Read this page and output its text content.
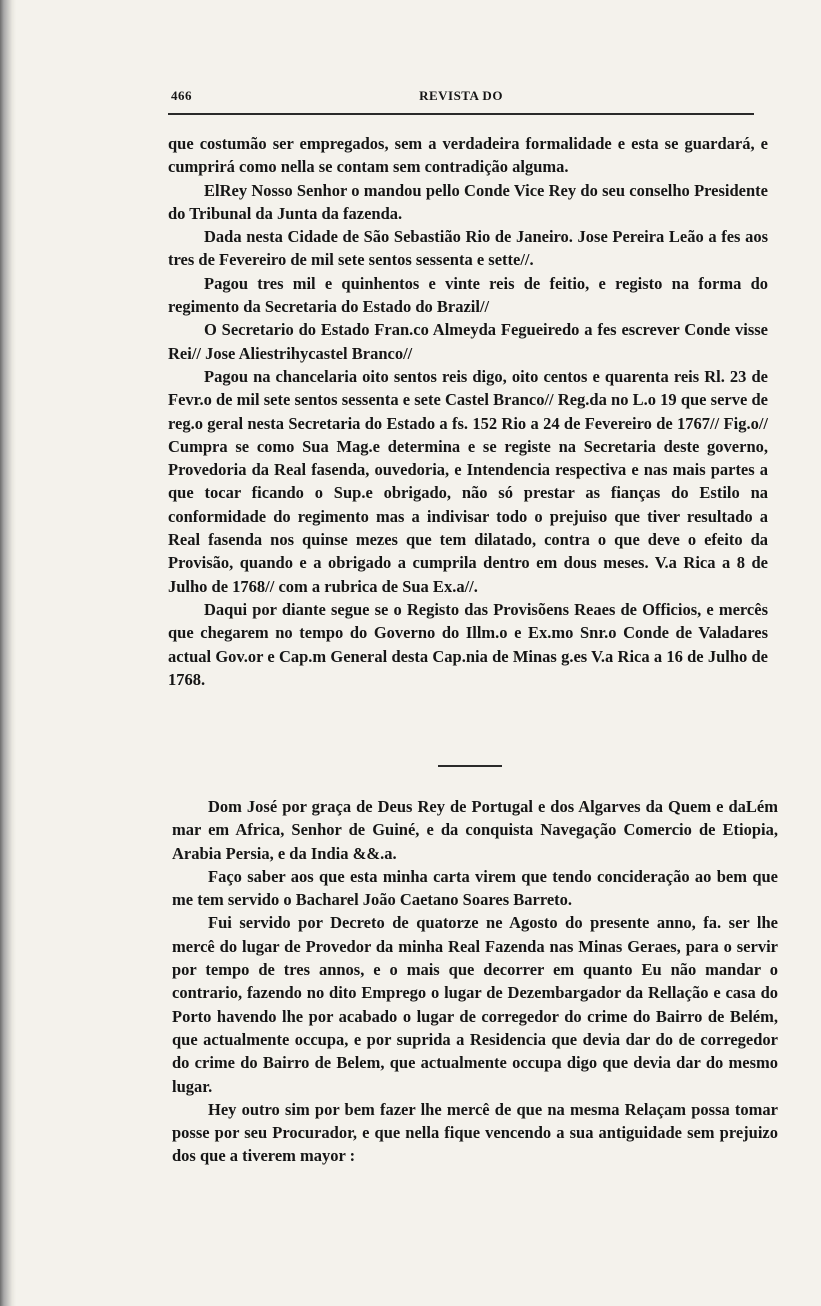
466	REVISTA DO

que costumão ser empregados, sem a verdadeira formalidade e esta se guardará, e cumprirá como nella se contam sem contradição alguma.

ElRey Nosso Senhor o mandou pello Conde Vice Rey do seu conselho Presidente do Tribunal da Junta da fazenda.

Dada nesta Cidade de São Sebastião Rio de Janeiro. Jose Pereira Leão a fes aos tres de Fevereiro de mil sete sentos sessenta e sette//.

Pagou tres mil e quinhentos e vinte reis de feitio, e registo na forma do regimento da Secretaria do Estado do Brazil//

O Secretario do Estado Fran.co Almeyda Fegueiredo a fes escrever Conde visse Rei// Jose Aliestrihycastel Branco//

Pagou na chancelaria oito sentos reis digo, oito centos e quarenta reis Rl. 23 de Fevr.o de mil sete sentos sessenta e sete Castel Branco// Reg.da no L.o 19 que serve de reg.o geral nesta Secretaria do Estado a fs. 152 Rio a 24 de Fevereiro de 1767// Fig.o// Cumpra se como Sua Mag.e determina e se registe na Secretaria deste governo, Provedoria da Real fasenda, ouvedoria, e Intendencia respectiva e nas mais partes a que tocar ficando o Sup.e obrigado, não só prestar as fianças do Estilo na conformidade do regimento mas a indivisar todo o prejuiso que tiver resultado a Real fasenda nos quinse mezes que tem dilatado, contra o que deve o efeito da Provisão, quando e a obrigado a cumprila dentro em dous meses. V.a Rica a 8 de Julho de 1768// com a rubrica de Sua Ex.a//.

Daqui por diante segue se o Registo das Provisõens Reaes de Officios, e mercês que chegarem no tempo do Governo do Illm.o e Ex.mo Snr.o Conde de Valadares actual Gov.or e Cap.m General desta Cap.nia de Minas g.es V.a Rica a 16 de Julho de 1768.

Dom José por graça de Deus Rey de Portugal e dos Algarves da Quem e daLém mar em Africa, Senhor de Guiné, e da conquista Navegação Comercio de Etiopia, Arabia Persia, e da India &&.a.

Faço saber aos que esta minha carta virem que tendo concideração ao bem que me tem servido o Bacharel João Caetano Soares Barreto.

Fui servido por Decreto de quatorze ne Agosto do presente anno, fa. ser lhe mercê do lugar de Provedor da minha Real Fazenda nas Minas Geraes, para o servir por tempo de tres annos, e o mais que decorrer em quanto Eu não mandar o contrario, fazendo no dito Emprego o lugar de Dezembargador da Rellação e casa do Porto havendo lhe por acabado o lugar de corregedor do crime do Bairro de Belém, que actualmente occupa, e por suprida a Residencia que devia dar do de corregedor do crime do Bairro de Belem, que actualmente occupa digo que devia dar do mesmo lugar.

Hey outro sim por bem fazer lhe mercê de que na mesma Relaçam possa tomar posse por seu Procurador, e que nella fique vencendo a sua antiguidade sem prejuizo dos que a tiverem mayor :
